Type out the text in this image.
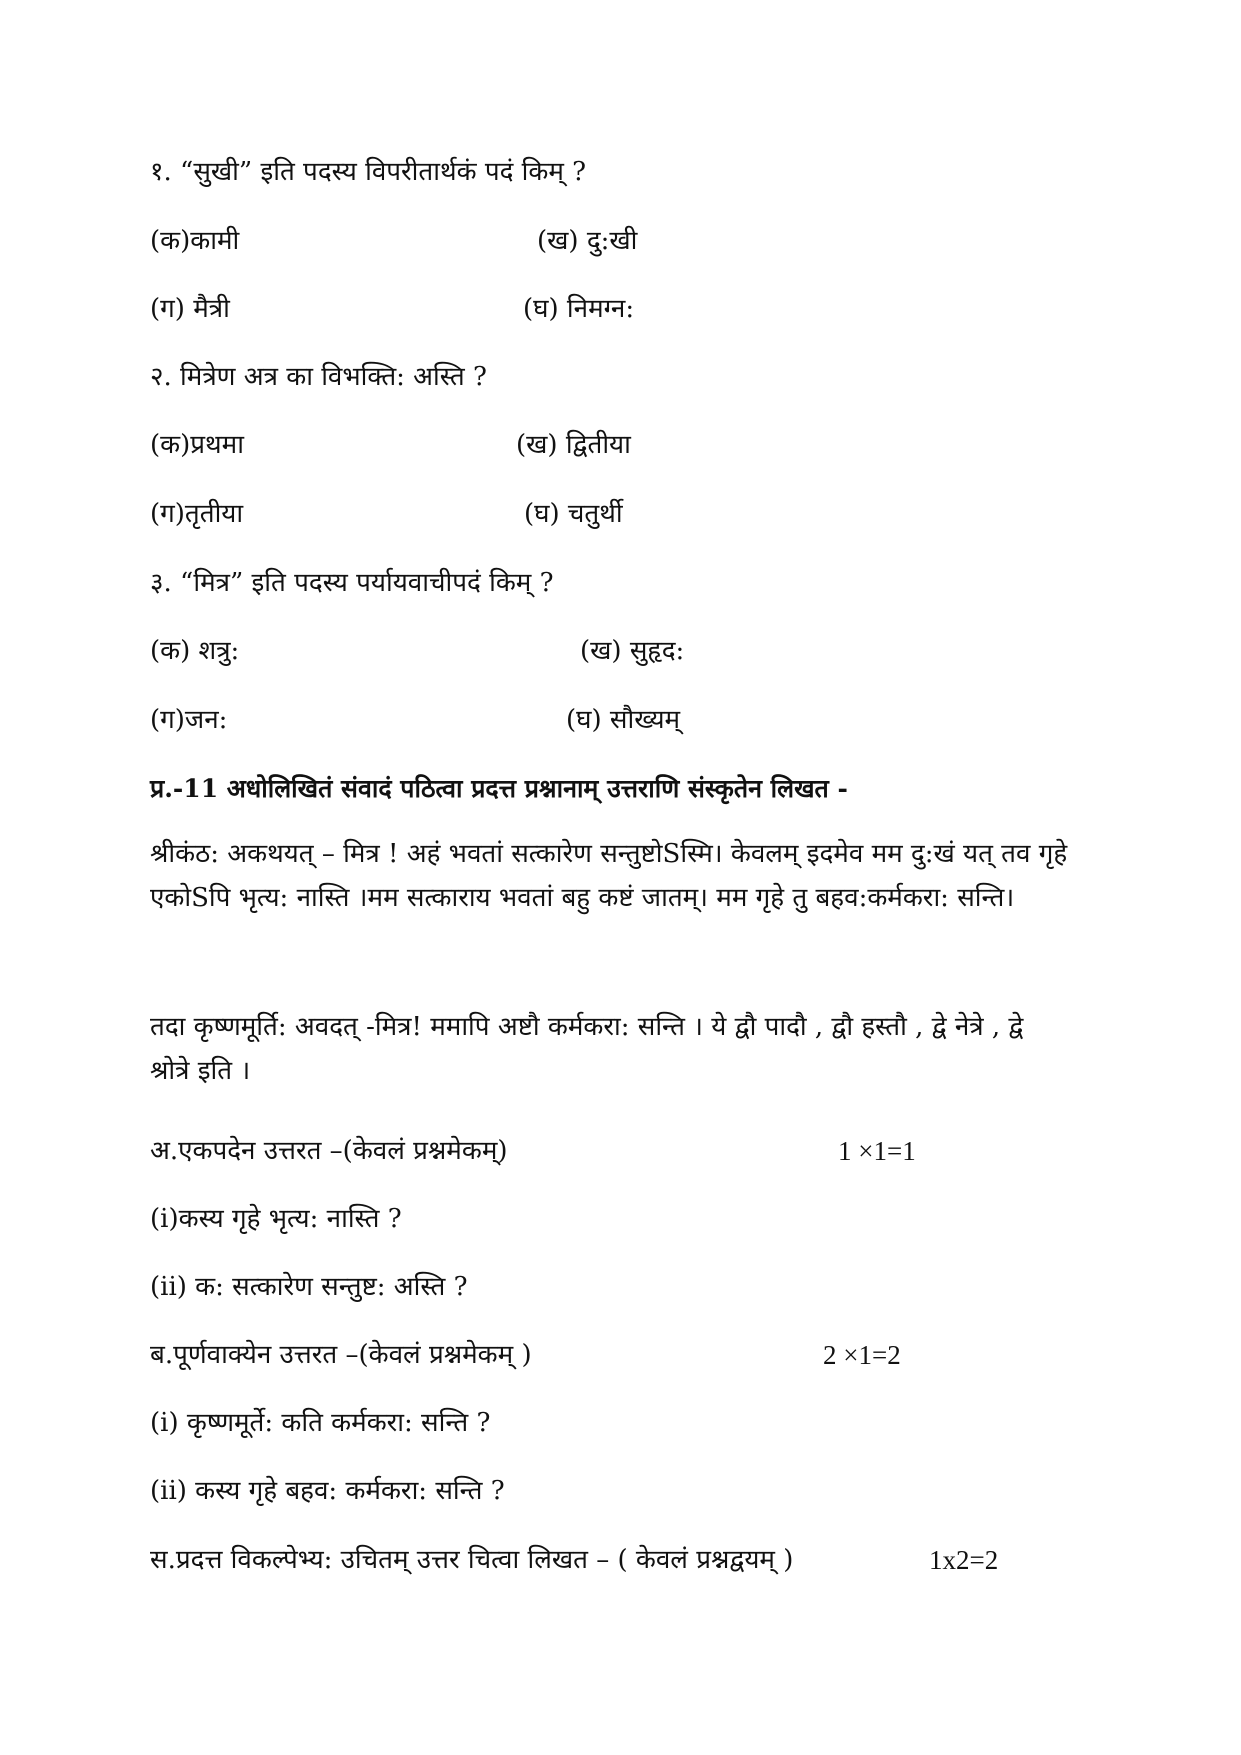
१. “सुखी” इति पदस्य विपरीतार्थकं पदं किम् ?
(क)कामी	(ख) दु:खी
(ग) मैत्री	(घ) निमग्न:
२. मित्रेण अत्र का विभक्ति: अस्ति ?
(क)प्रथमा	(ख) द्वितीया
(ग)तृतीया	(घ) चतुर्थी
३. “मित्र” इति पदस्य पर्यायवाचीपदं किम् ?
(क) शत्रु:	(ख) सुहृद:
(ग)जन:	(घ) सौख्यम्
प्र.-11 अधोलिखितं संवादं पठित्वा प्रदत्त प्रश्नानाम् उत्तराणि संस्कृतेन लिखत -
श्रीकंठ: अकथयत् – मित्र ! अहं भवतां सत्कारेण सन्तुष्टोSस्मि। केवलम् इदमेव मम दु:खं यत् तव गृहे एकोSपि भृत्य: नास्ति ।मम सत्काराय भवतां बहु कष्टं जातम्। मम गृहे तु बहव:कर्मकरा: सन्ति।
तदा कृष्णमूर्ति: अवदत् -मित्र! ममापि अष्टौ कर्मकरा: सन्ति । ये द्वौ पादौ , द्वौ हस्तौ , द्वे नेत्रे , द्वे श्रोत्रे इति ।
अ.एकपदेन उत्तरत –(केवलं प्रश्नमेकम्)	1 ×1=1
(i)कस्य गृहे भृत्य: नास्ति ?
(ii) क: सत्कारेण सन्तुष्ट: अस्ति ?
ब.पूर्णवाक्येन उत्तरत –(केवलं प्रश्नमेकम् )	2 ×1=2
(i) कृष्णमूर्ते: कति कर्मकरा: सन्ति ?
(ii) कस्य गृहे बहव: कर्मकरा: सन्ति ?
स.प्रदत्त विकल्पेभ्य: उचितम् उत्तर चित्वा लिखत – ( केवलं प्रश्नद्वयम् )	1x2=2
